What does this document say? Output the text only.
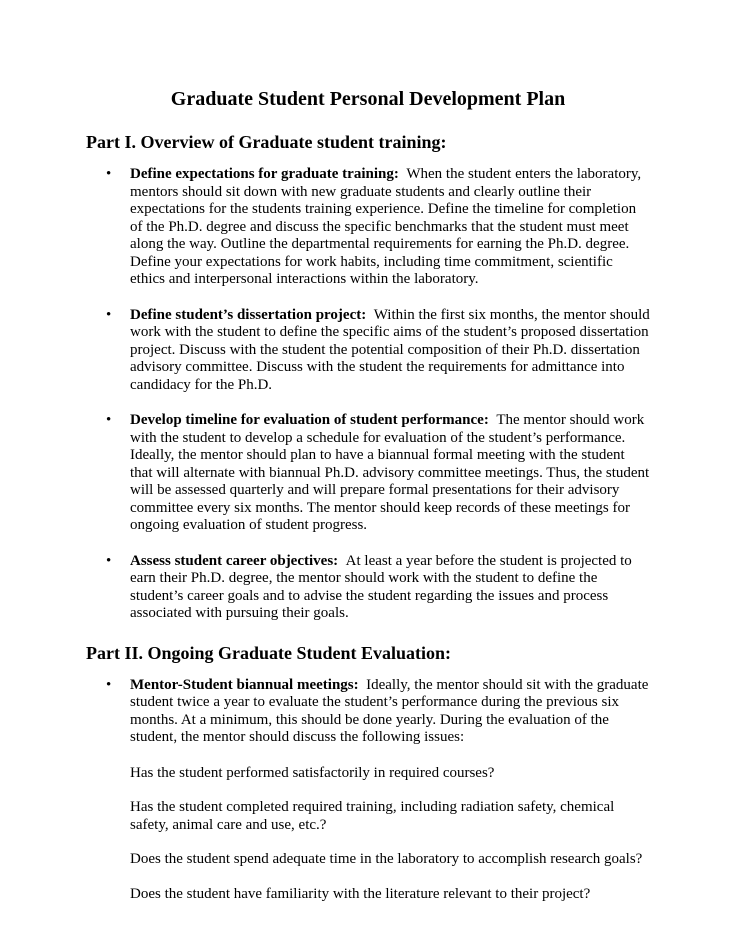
Graduate Student Personal Development Plan
Part I. Overview of Graduate student training:
• Define expectations for graduate training: When the student enters the laboratory, mentors should sit down with new graduate students and clearly outline their expectations for the students training experience. Define the timeline for completion of the Ph.D. degree and discuss the specific benchmarks that the student must meet along the way. Outline the departmental requirements for earning the Ph.D. degree. Define your expectations for work habits, including time commitment, scientific ethics and interpersonal interactions within the laboratory.
• Define student’s dissertation project: Within the first six months, the mentor should work with the student to define the specific aims of the student’s proposed dissertation project. Discuss with the student the potential composition of their Ph.D. dissertation advisory committee. Discuss with the student the requirements for admittance into candidacy for the Ph.D.
• Develop timeline for evaluation of student performance: The mentor should work with the student to develop a schedule for evaluation of the student’s performance. Ideally, the mentor should plan to have a biannual formal meeting with the student that will alternate with biannual Ph.D. advisory committee meetings. Thus, the student will be assessed quarterly and will prepare formal presentations for their advisory committee every six months. The mentor should keep records of these meetings for ongoing evaluation of student progress.
• Assess student career objectives: At least a year before the student is projected to earn their Ph.D. degree, the mentor should work with the student to define the student’s career goals and to advise the student regarding the issues and process associated with pursuing their goals.
Part II. Ongoing Graduate Student Evaluation:
• Mentor-Student biannual meetings: Ideally, the mentor should sit with the graduate student twice a year to evaluate the student’s performance during the previous six months. At a minimum, this should be done yearly. During the evaluation of the student, the mentor should discuss the following issues:

Has the student performed satisfactorily in required courses?

Has the student completed required training, including radiation safety, chemical safety, animal care and use, etc.?

Does the student spend adequate time in the laboratory to accomplish research goals?

Does the student have familiarity with the literature relevant to their project?
